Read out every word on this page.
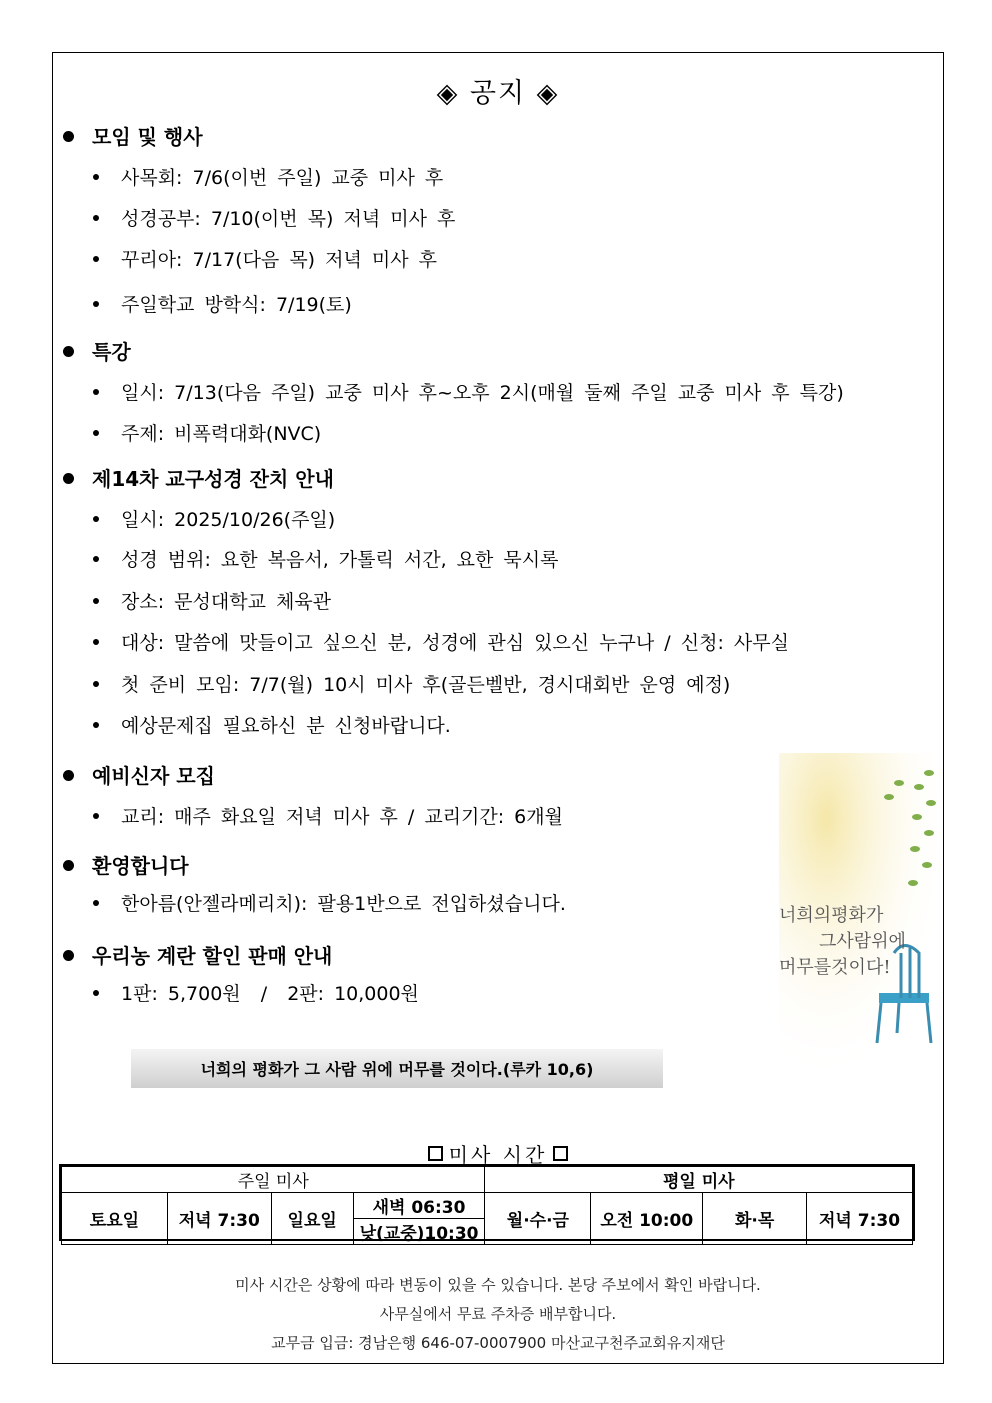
◈ 공지 ◈
모임 및 행사
사목회: 7/6(이번 주일) 교중 미사 후
성경공부: 7/10(이번 목) 저녁 미사 후
꾸리아: 7/17(다음 목) 저녁 미사 후
주일학교 방학식: 7/19(토)
특강
일시: 7/13(다음 주일) 교중 미사 후~오후 2시(매월 둘째 주일 교중 미사 후 특강)
주제: 비폭력대화(NVC)
제14차 교구성경 잔치 안내
일시: 2025/10/26(주일)
성경 범위: 요한 복음서, 가톨릭 서간, 요한 묵시록
장소: 문성대학교 체육관
대상: 말씀에 맛들이고 싶으신 분, 성경에 관심 있으신 누구나 / 신청: 사무실
첫 준비 모임: 7/7(월) 10시 미사 후(골든벨반, 경시대회반 운영 예정)
예상문제집 필요하신 분 신청바랍니다.
예비신자 모집
교리: 매주 화요일 저녁 미사 후 / 교리기간: 6개월
환영합니다
한아름(안젤라메리치): 팔용1반으로 전입하셨습니다.
우리농 계란 할인 판매 안내
1판: 5,700원  /  2판: 10,000원
너희의평화가
그사람위에
머무를것이다!
너희의 평화가 그 사람 위에 머무를 것이다.(루카 10,6)
미사 시간
주일 미사				평일 미사			
토요일	저녁 7:30	일요일	새벽 06:30	월·수·금	오전 10:00	화·목	저녁 7:30
			낮(교중)10:30				
미사 시간은 상황에 따라 변동이 있을 수 있습니다. 본당 주보에서 확인 바랍니다.
사무실에서 무료 주차증 배부합니다.
교무금 입금: 경남은행 646-07-0007900 마산교구천주교회유지재단
